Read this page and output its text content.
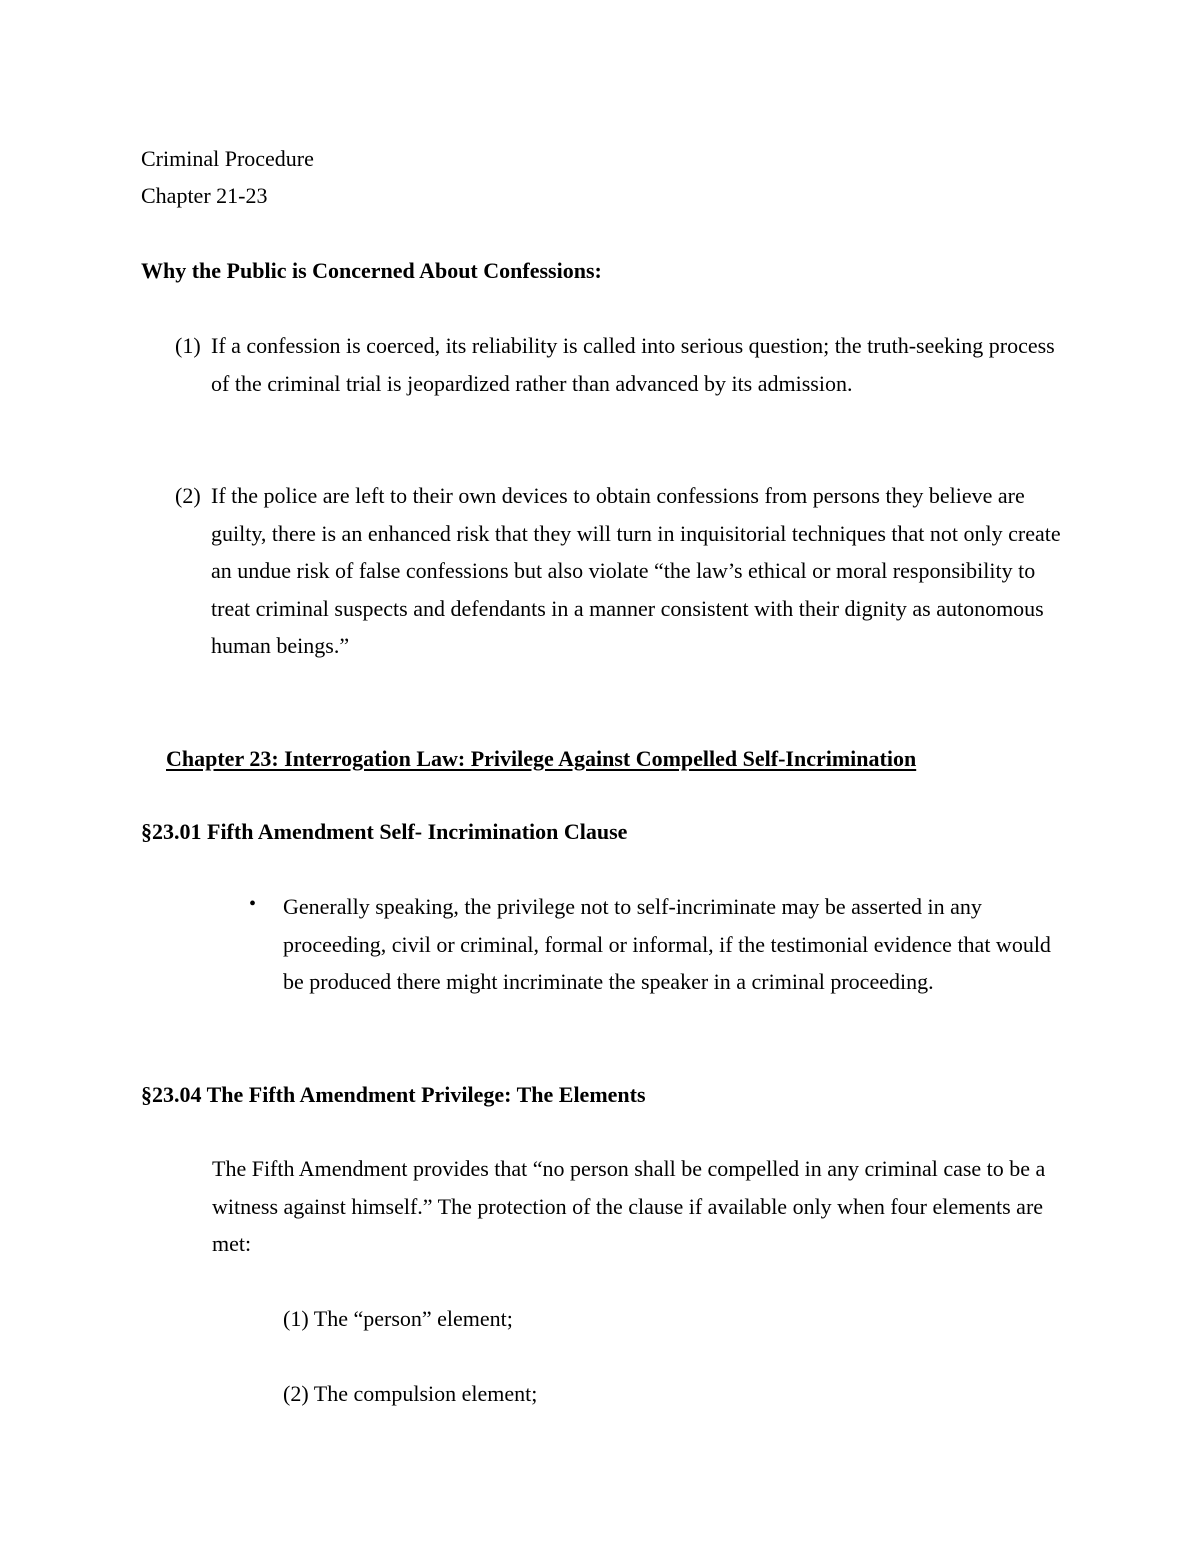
Criminal Procedure

Chapter 21-23

Why the Public is Concerned About Confessions:

(1) If a confession is coerced, its reliability is called into serious question; the truth-seeking process of the criminal trial is jeopardized rather than advanced by its admission.

(2) If the police are left to their own devices to obtain confessions from persons they believe are guilty, there is an enhanced risk that they will turn in inquisitorial techniques that not only create an undue risk of false confessions but also violate “the law’s ethical or moral responsibility to treat criminal suspects and defendants in a manner consistent with their dignity as autonomous human beings.”

Chapter 23: Interrogation Law: Privilege Against Compelled Self-Incrimination

§23.01 Fifth Amendment Self- Incrimination Clause

• Generally speaking, the privilege not to self-incriminate may be asserted in any proceeding, civil or criminal, formal or informal, if the testimonial evidence that would be produced there might incriminate the speaker in a criminal proceeding.

§23.04 The Fifth Amendment Privilege: The Elements

The Fifth Amendment provides that “no person shall be compelled in any criminal case to be a witness against himself.” The protection of the clause if available only when four elements are met:

(1) The “person” element;

(2) The compulsion element;
